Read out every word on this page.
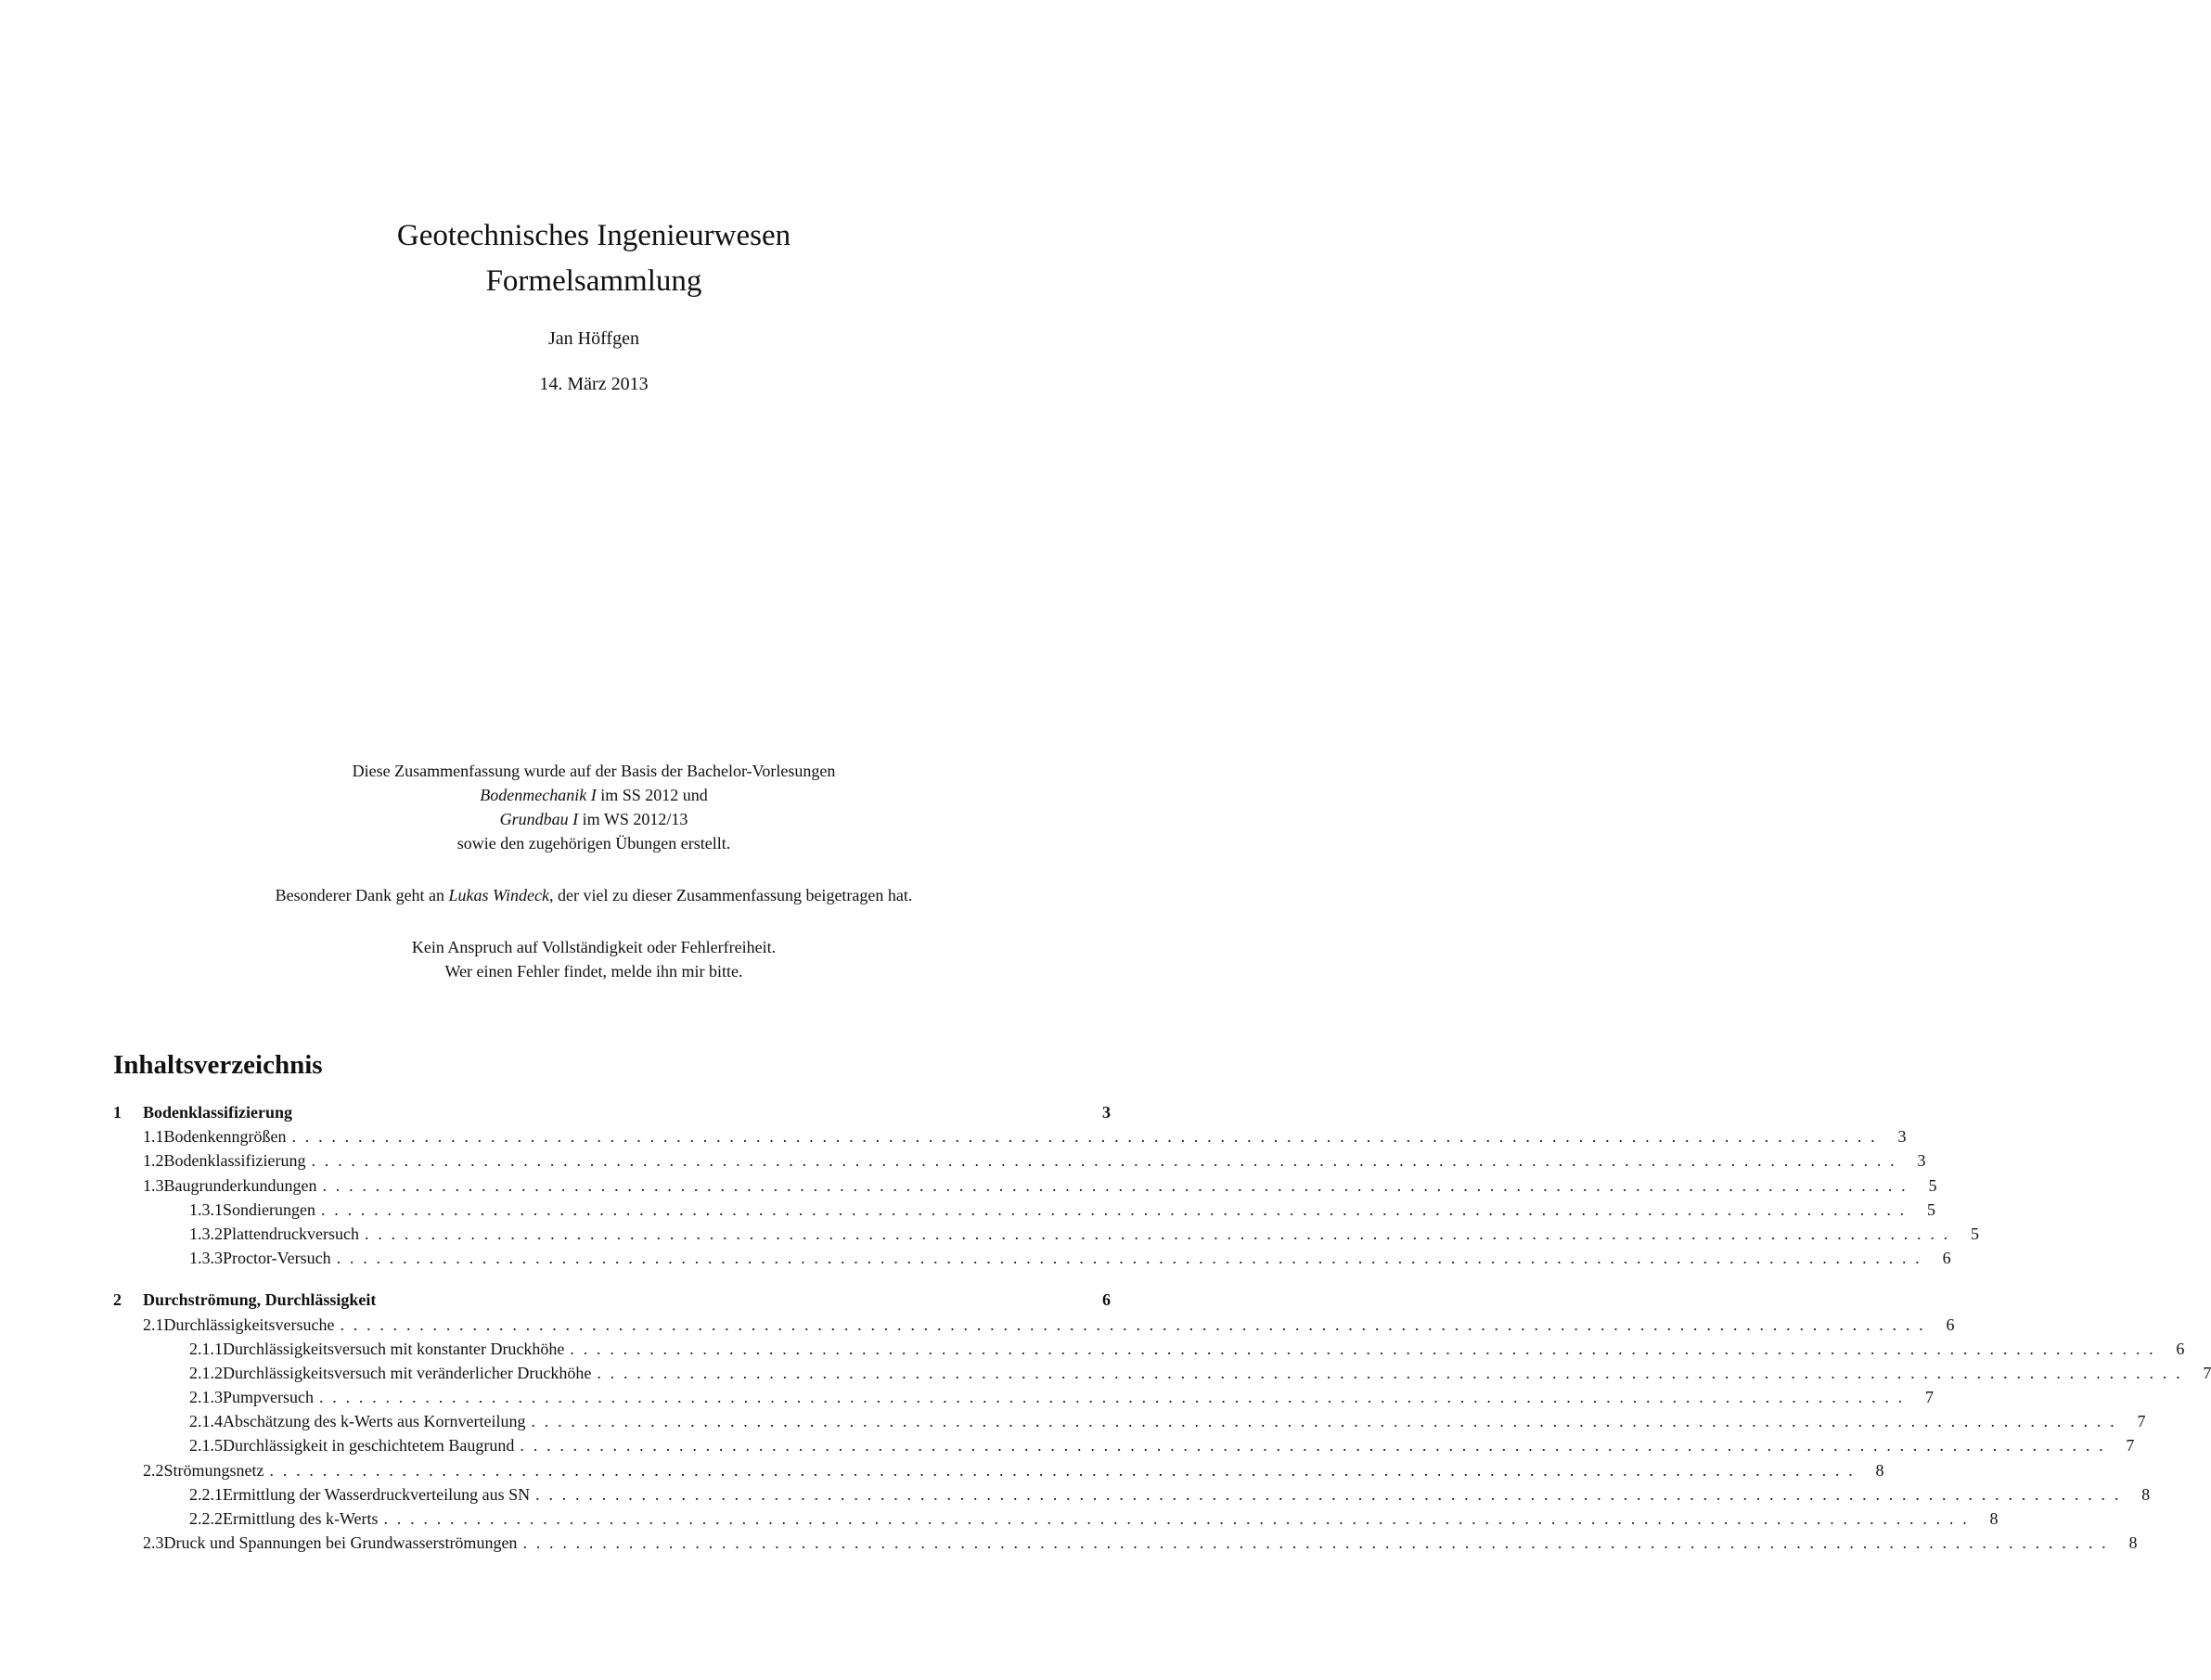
Geotechnisches Ingenieurwesen
Formelsammlung
Jan Höffgen
14. März 2013

Diese Zusammenfassung wurde auf der Basis der Bachelor-Vorlesungen
Bodenmechanik I im SS 2012 und
Grundbau I im WS 2012/13
sowie den zugehörigen Übungen erstellt.

Besonderer Dank geht an Lukas Windeck, der viel zu dieser Zusammenfassung beigetragen hat.

Kein Anspruch auf Vollständigkeit oder Fehlerfreiheit.
Wer einen Fehler findet, melde ihn mir bitte.

Inhaltsverzeichnis
1	Bodenklassifizierung	3
1.1 Bodenkenngrößen ........................................................................................................................ 3
1.2 Bodenklassifizierung ........................................................................................................................ 3
1.3 Baugrunderkundungen ........................................................................................................................ 5
1.3.1 Sondierungen ........................................................................................................................ 5
1.3.2 Plattendruckversuch ........................................................................................................................ 5
1.3.3 Proctor-Versuch ........................................................................................................................ 6
2	Durchströmung, Durchlässigkeit	6
2.1 Durchlässigkeitsversuche ........................................................................................................................ 6
2.1.1 Durchlässigkeitsversuch mit konstanter Druckhöhe ........................................................................................................................ 6
2.1.2 Durchlässigkeitsversuch mit veränderlicher Druckhöhe ........................................................................................................................ 7
2.1.3 Pumpversuch ........................................................................................................................ 7
2.1.4 Abschätzung des k-Werts aus Kornverteilung ........................................................................................................................ 7
2.1.5 Durchlässigkeit in geschichtetem Baugrund ........................................................................................................................ 7
2.2 Strömungsnetz ........................................................................................................................ 8
2.2.1 Ermittlung der Wasserdruckverteilung aus SN ........................................................................................................................ 8
2.2.2 Ermittlung des k-Werts ........................................................................................................................ 8
2.3 Druck und Spannungen bei Grundwasserströmungen ........................................................................................................................ 8
